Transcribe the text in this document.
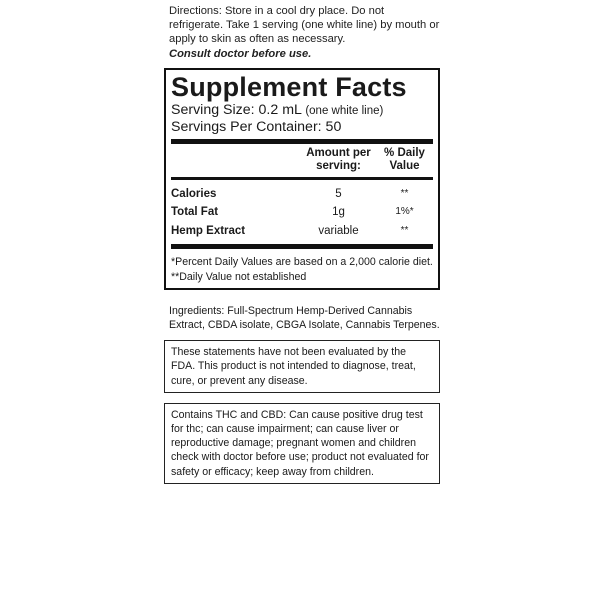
Directions: Store in a cool dry place. Do not refrigerate. Take 1 serving (one white line) by mouth or apply to skin as often as necessary.
Consult doctor before use.
Supplement Facts
Serving Size: 0.2 mL (one white line)
Servings Per Container: 50
	Amount per serving:	% Daily Value

Calories	5	**
Total Fat	1g	1%*
Hemp Extract	variable	**

*Percent Daily Values are based on a 2,000 calorie diet. **Daily Value not established
Ingredients: Full-Spectrum Hemp-Derived Cannabis Extract, CBDA isolate, CBGA Isolate, Cannabis Terpenes.
These statements have not been evaluated by the FDA. This product is not intended to diagnose, treat, cure, or prevent any disease.
Contains THC and CBD: Can cause positive drug test for thc; can cause impairment; can cause liver or reproductive damage; pregnant women and children check with doctor before use; product not evaluated for safety or efficacy; keep away from children.
